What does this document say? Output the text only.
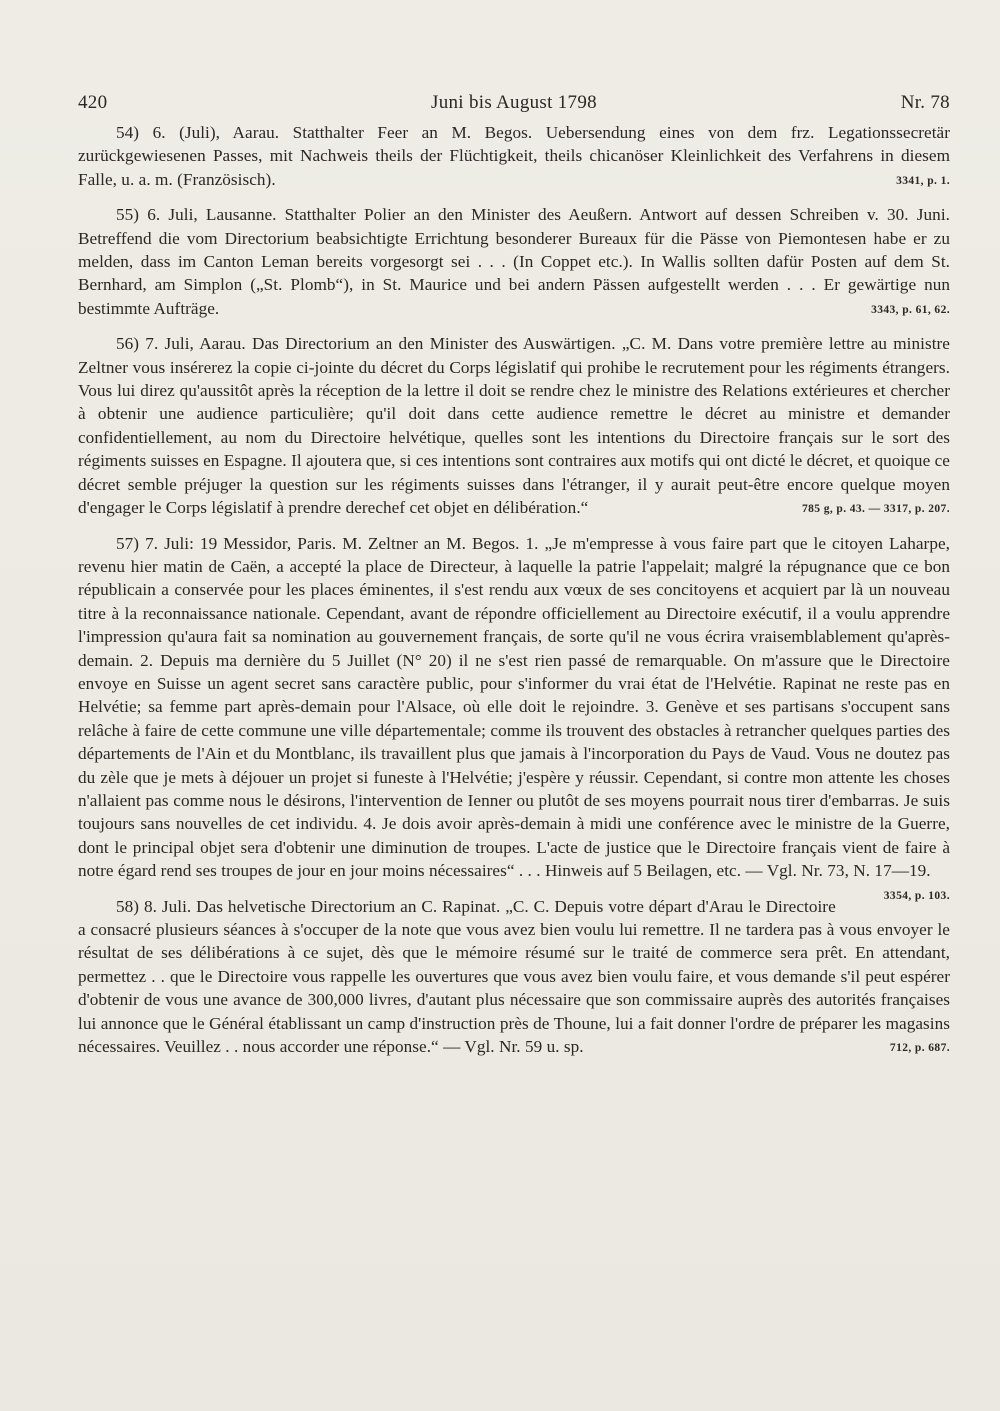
420	Juni bis August 1798	Nr. 78

54) 6. (Juli), Aarau. Statthalter Feer an M. Begos. Uebersendung eines von dem frz. Legationssecretär zurückgewiesenen Passes, mit Nachweis theils der Flüchtigkeit, theils chicanöser Kleinlichkeit des Verfahrens in diesem Falle, u. a. m. (Französisch).	3341, p. 1.

55) 6. Juli, Lausanne. Statthalter Polier an den Minister des Aeußern. Antwort auf dessen Schreiben v. 30. Juni. Betreffend die vom Directorium beabsichtigte Errichtung besonderer Bureaux für die Pässe von Piemontesen habe er zu melden, dass im Canton Leman bereits vorgesorgt sei . . . (In Coppet etc.). In Wallis sollten dafür Posten auf dem St. Bernhard, am Simplon („St. Plomb“), in St. Maurice und bei andern Pässen aufgestellt werden . . . Er gewärtige nun bestimmte Aufträge.	3343, p. 61, 62.

56) 7. Juli, Aarau. Das Directorium an den Minister des Auswärtigen. „C. M. Dans votre première lettre au ministre Zeltner vous insérerez la copie ci-jointe du décret du Corps législatif qui prohibe le recrutement pour les régiments étrangers. Vous lui direz qu'aussitôt après la réception de la lettre il doit se rendre chez le ministre des Relations extérieures et chercher à obtenir une audience particulière; qu'il doit dans cette audience remettre le décret au ministre et demander confidentiellement, au nom du Directoire helvétique, quelles sont les intentions du Directoire français sur le sort des régiments suisses en Espagne. Il ajoutera que, si ces intentions sont contraires aux motifs qui ont dicté le décret, et quoique ce décret semble préjuger la question sur les régiments suisses dans l'étranger, il y aurait peut-être encore quelque moyen d'engager le Corps législatif à prendre derechef cet objet en délibération.“	785 g, p. 43. — 3317, p. 207.

57) 7. Juli: 19 Messidor, Paris. M. Zeltner an M. Begos. 1. „Je m'empresse à vous faire part que le citoyen Laharpe, revenu hier matin de Caën, a accepté la place de Directeur, à laquelle la patrie l'appelait; malgré la répugnance que ce bon républicain a conservée pour les places éminentes, il s'est rendu aux vœux de ses concitoyens et acquiert par là un nouveau titre à la reconnaissance nationale. Cependant, avant de répondre officiellement au Directoire exécutif, il a voulu apprendre l'impression qu'aura fait sa nomination au gouvernement français, de sorte qu'il ne vous écrira vraisemblablement qu'après-demain. 2. Depuis ma dernière du 5 Juillet (N° 20) il ne s'est rien passé de remarquable. On m'assure que le Directoire envoye en Suisse un agent secret sans caractère public, pour s'informer du vrai état de l'Helvétie. Rapinat ne reste pas en Helvétie; sa femme part après-demain pour l'Alsace, où elle doit le rejoindre. 3. Genève et ses partisans s'occupent sans relâche à faire de cette commune une ville départementale; comme ils trouvent des obstacles à retrancher quelques parties des départements de l'Ain et du Montblanc, ils travaillent plus que jamais à l'incorporation du Pays de Vaud. Vous ne doutez pas du zèle que je mets à déjouer un projet si funeste à l'Helvétie; j'espère y réussir. Cependant, si contre mon attente les choses n'allaient pas comme nous le désirons, l'intervention de Ienner ou plutôt de ses moyens pourrait nous tirer d'embarras. Je suis toujours sans nouvelles de cet individu. 4. Je dois avoir après-demain à midi une conférence avec le ministre de la Guerre, dont le principal objet sera d'obtenir une diminution de troupes. L'acte de justice que le Directoire français vient de faire à notre égard rend ses troupes de jour en jour moins nécessaires“ . . . Hinweis auf 5 Beilagen, etc. — Vgl. Nr. 73, N. 17—19.
3354, p. 103.

58) 8. Juli. Das helvetische Directorium an C. Rapinat. „C. C. Depuis votre départ d'Arau le Directoire a consacré plusieurs séances à s'occuper de la note que vous avez bien voulu lui remettre. Il ne tardera pas à vous envoyer le résultat de ses délibérations à ce sujet, dès que le mémoire résumé sur le traité de commerce sera prêt. En attendant, permettez . . que le Directoire vous rappelle les ouvertures que vous avez bien voulu faire, et vous demande s'il peut espérer d'obtenir de vous une avance de 300,000 livres, d'autant plus nécessaire que son commissaire auprès des autorités françaises lui annonce que le Général établissant un camp d'instruction près de Thoune, lui a fait donner l'ordre de préparer les magasins nécessaires. Veuillez . . nous accorder une réponse.“ — Vgl. Nr. 59 u. sp.	712, p. 687.
